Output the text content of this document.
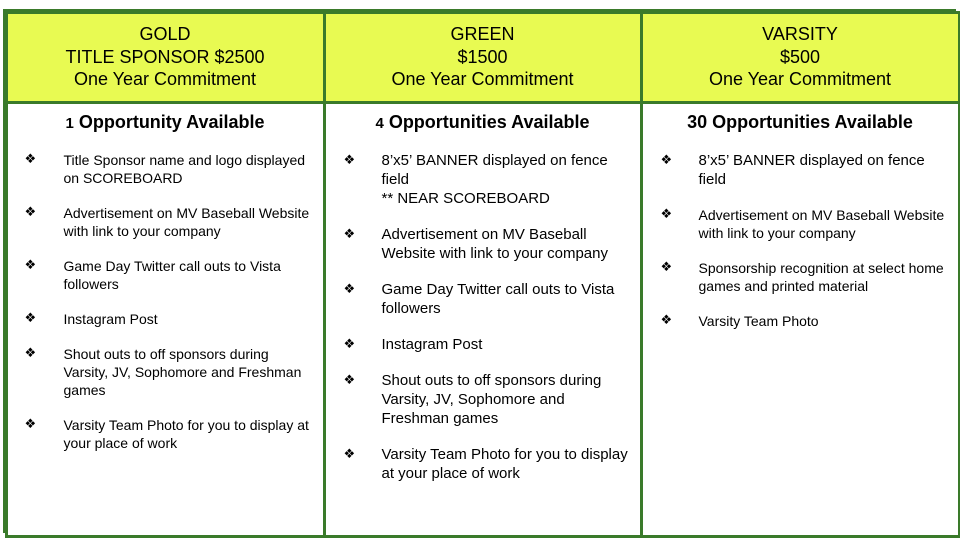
GOLD
TITLE SPONSOR $2500
One Year Commitment
GREEN
$1500
One Year Commitment
VARSITY
$500
One Year Commitment
1 Opportunity Available
❖ Title Sponsor name and logo displayed on SCOREBOARD
❖ Advertisement on MV Baseball Website with link to your company
❖ Game Day Twitter call outs to Vista followers
❖ Instagram Post
❖ Shout outs to off sponsors during Varsity, JV, Sophomore and Freshman games
❖ Varsity Team Photo for you to display at your place of work
4 Opportunities Available
❖ 8’x5’ BANNER displayed on fence field
** NEAR SCOREBOARD
❖ Advertisement on MV Baseball Website with link to your company
❖ Game Day Twitter call outs to Vista followers
❖ Instagram Post
❖ Shout outs to off sponsors during Varsity, JV, Sophomore and Freshman games
❖ Varsity Team Photo for you to display at your place of work
30 Opportunities Available
❖ 8’x5’ BANNER displayed on fence field
❖ Advertisement on MV Baseball Website with link to your company
❖ Sponsorship recognition at select home games and printed material
❖ Varsity Team Photo
